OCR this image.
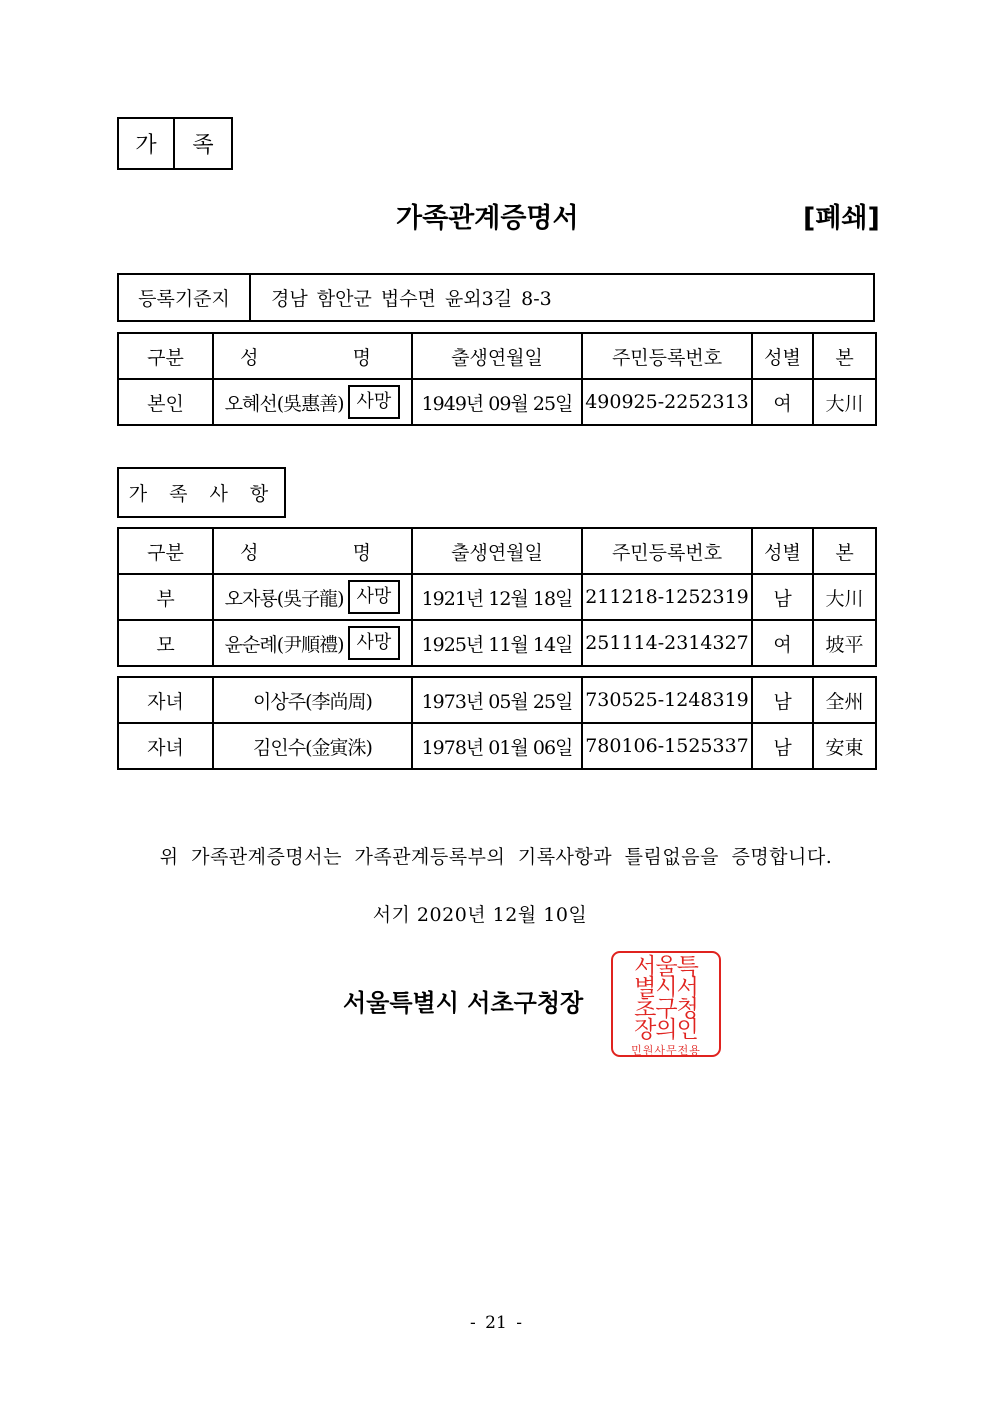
가	족
가족관계증명서	[폐쇄]
등록기준지	경남 함안군 법수면 윤외3길 8-3
구분	성    명	출생연월일	주민등록번호	성별	본
본인	오혜선(吳惠善) 사망	1949년 09월 25일	490925-2252313	여	大川
가 족 사 항
구분	성    명	출생연월일	주민등록번호	성별	본
부	오자룡(吳子龍) 사망	1921년 12월 18일	211218-1252319	남	大川
모	윤순례(尹順禮) 사망	1925년 11월 14일	251114-2314327	여	坡平
자녀	이상주(李尚周)	1973년 05월 25일	730525-1248319	남	全州
자녀	김인수(金寅洙)	1978년 01월 06일	780106-1525337	남	安東
위 가족관계증명서는 가족관계등록부의 기록사항과 틀림없음을 증명합니다.
서기 2020년 12월 10일
서울특별시 서초구청장
서울특
별시서
초구청
장의인
민원사무전용
- 21 -
